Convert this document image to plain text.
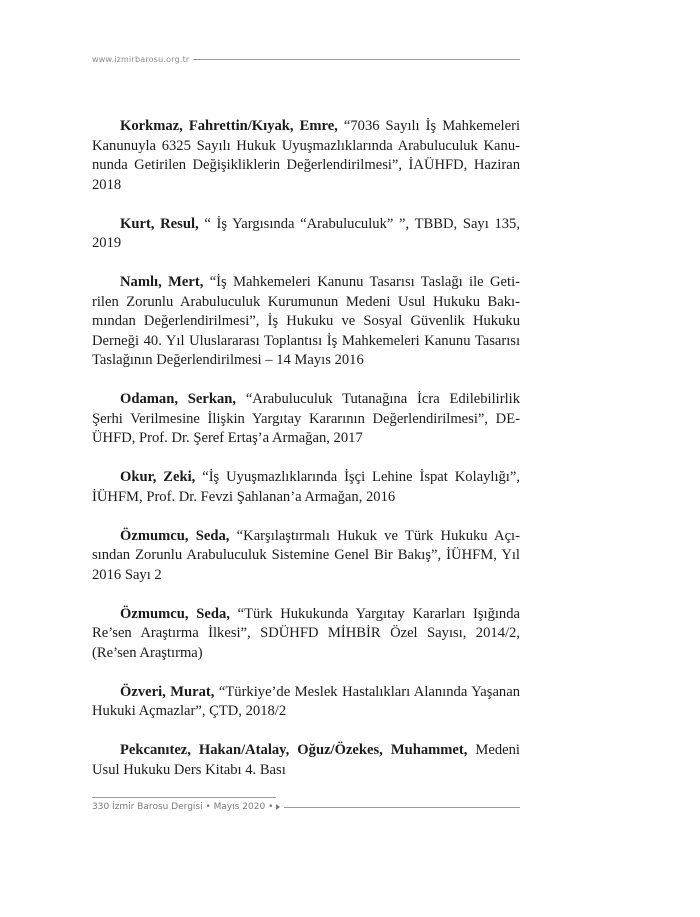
www.izmirbarosu.org.tr

Korkmaz, Fahrettin/Kıyak, Emre, “7036 Sayılı İş Mahkemeleri Kanunuyla 6325 Sayılı Hukuk Uyuşmazlıklarında Arabuluculuk Kanununda Getirilen Değişikliklerin Değerlendirilmesi”, İAÜHFD, Haziran 2018

Kurt, Resul, “ İş Yargısında “Arabuluculuk” ”, TBBD, Sayı 135, 2019

Namlı, Mert, “İş Mahkemeleri Kanunu Tasarısı Taslağı ile Getirilen Zorunlu Arabuluculuk Kurumunun Medeni Usul Hukuku Bakımından Değerlendirilmesi”, İş Hukuku ve Sosyal Güvenlik Hukuku Derneği 40. Yıl Uluslararası Toplantısı İş Mahkemeleri Kanunu Tasarısı Taslağının Değerlendirilmesi – 14 Mayıs 2016

Odaman, Serkan, “Arabuluculuk Tutanağına İcra Edilebilirlik Şerhi Verilmesine İlişkin Yargıtay Kararının Değerlendirilmesi”, DEÜHFD, Prof. Dr. Şeref Ertaş’a Armağan, 2017

Okur, Zeki, “İş Uyuşmazlıklarında İşçi Lehine İspat Kolaylığı”, İÜHFM, Prof. Dr. Fevzi Şahlanan’a Armağan, 2016

Özmumcu, Seda, “Karşılaştırmalı Hukuk ve Türk Hukuku Açısından Zorunlu Arabuluculuk Sistemine Genel Bir Bakış”, İÜHFM, Yıl 2016 Sayı 2

Özmumcu, Seda, “Türk Hukukunda Yargıtay Kararları Işığında Re’sen Araştırma İlkesi”, SDÜHFD MİHBİR Özel Sayısı, 2014/2, (Re’sen Araştırma)

Özveri, Murat, “Türkiye’de Meslek Hastalıkları Alanında Yaşanan Hukuki Açmazlar”, ÇTD, 2018/2

Pekcanıtez, Hakan/Atalay, Oğuz/Özekes, Muhammet, Medeni Usul Hukuku Ders Kitabı 4. Bası

330 İzmir Barosu Dergisi • Mayıs 2020 •
